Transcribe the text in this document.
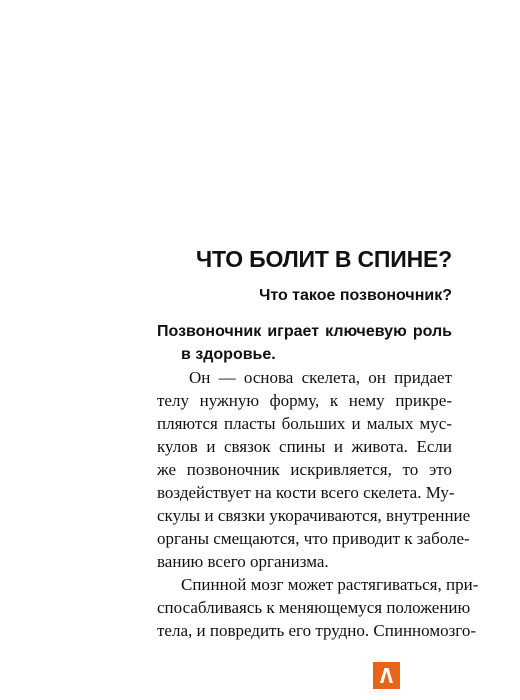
ЧТО БОЛИТ В СПИНЕ?
Что такое позвоночник?
Позвоночник играет ключевую роль
в здоровье.
Он — основа скелета, он придает
телу нужную форму, к нему прикре-
пляются пласты больших и малых мус-
кулов и связок спины и живота. Если
же позвоночник искривляется, то это
воздействует на кости всего скелета. Му-
скулы и связки укорачиваются, внутренние
органы смещаются, что приводит к заболе-
ванию всего организма.
Спинной мозг может растягиваться, при-
спосабливаясь к меняющемуся положению
тела, и повредить его трудно. Спинномозго-
